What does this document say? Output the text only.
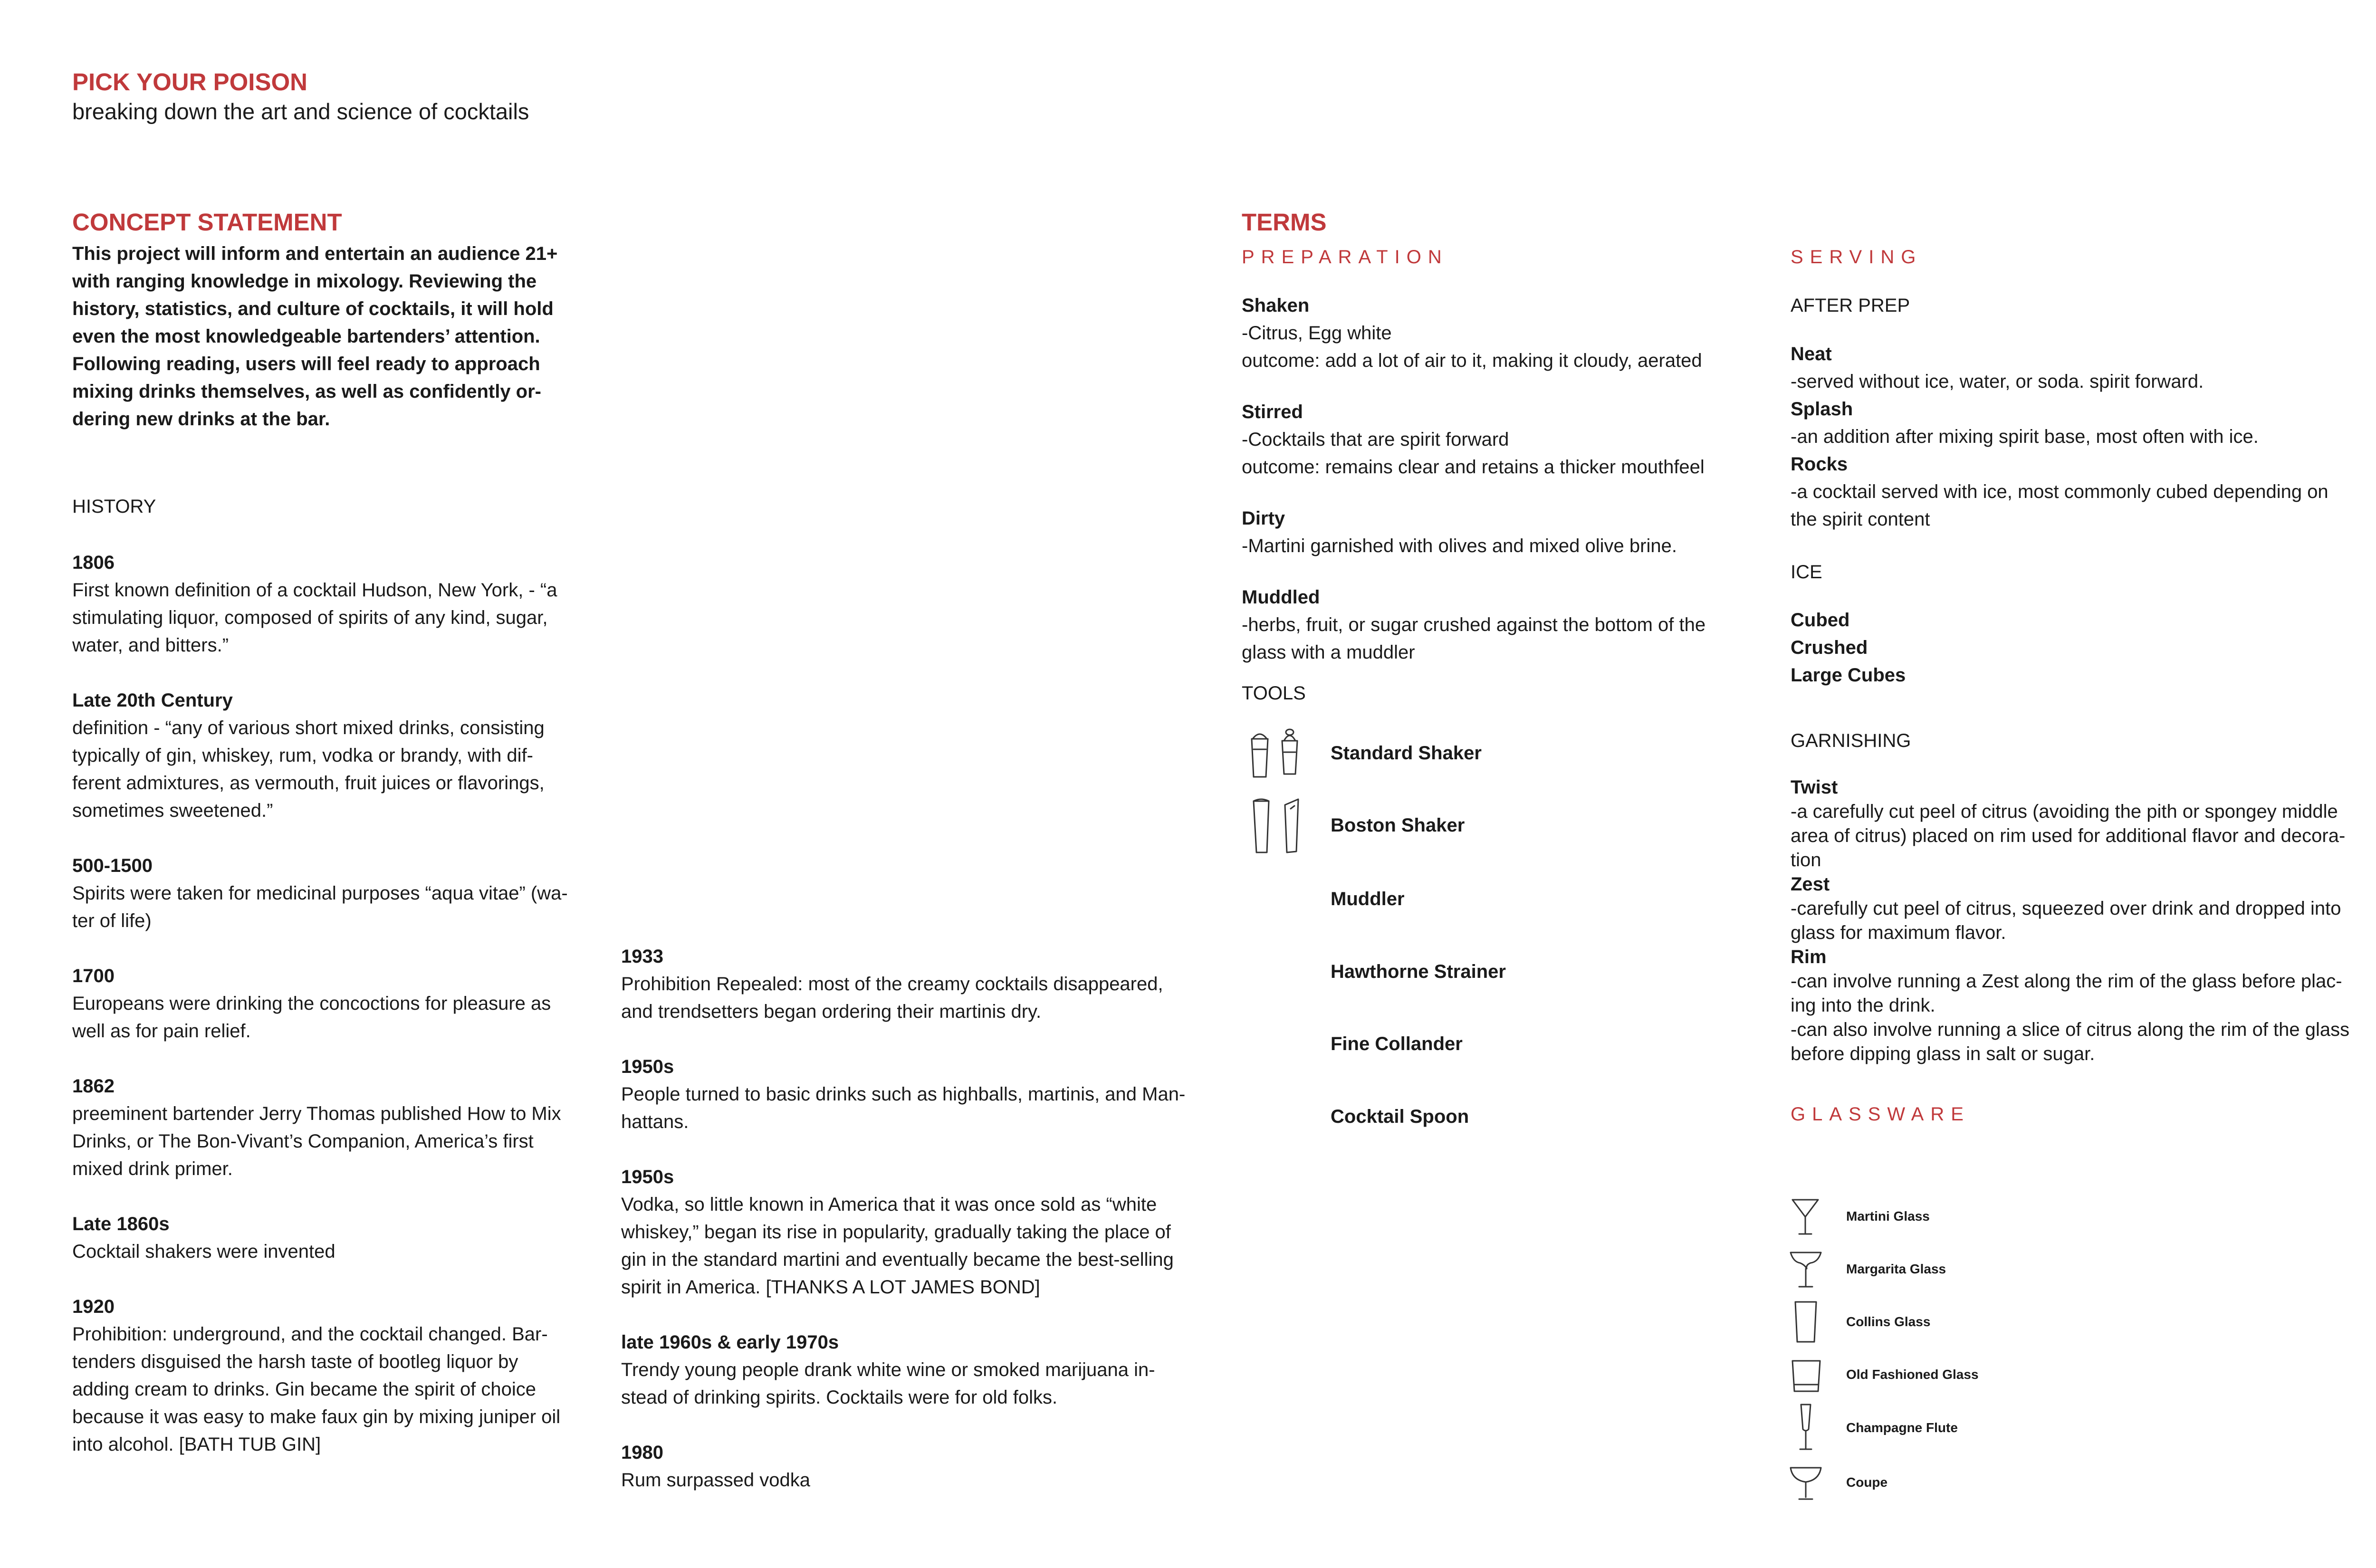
PICK YOUR POISON
breaking down the art and science of cocktails
CONCEPT STATEMENT
This project will inform and entertain an audience 21+
with ranging knowledge in mixology. Reviewing the
history, statistics, and culture of cocktails, it will hold
even the most knowledgeable bartenders’ attention.
Following reading, users will feel ready to approach
mixing drinks themselves, as well as confidently or-
dering new drinks at the bar.
HISTORY
1806
First known definition of a cocktail Hudson, New York, - “a
stimulating liquor, composed of spirits of any kind, sugar,
water, and bitters.”
Late 20th Century
definition - “any of various short mixed drinks, consisting
typically of gin, whiskey, rum, vodka or brandy, with dif-
ferent admixtures, as vermouth, fruit juices or flavorings,
sometimes sweetened.”
500-1500
Spirits were taken for medicinal purposes “aqua vitae” (wa-
ter of life)
1700
Europeans were drinking the concoctions for pleasure as
well as for pain relief.
1862
preeminent bartender Jerry Thomas published How to Mix
Drinks, or The Bon-Vivant’s Companion, America’s first
mixed drink primer.
Late 1860s
Cocktail shakers were invented
1920
Prohibition: underground, and the cocktail changed. Bar-
tenders disguised the harsh taste of bootleg liquor by
adding cream to drinks. Gin became the spirit of choice
because it was easy to make faux gin by mixing juniper oil
into alcohol. [BATH TUB GIN]
1933
Prohibition Repealed: most of the creamy cocktails disappeared,
and trendsetters began ordering their martinis dry.
1950s
People turned to basic drinks such as highballs, martinis, and Man-
hattans.
1950s
Vodka, so little known in America that it was once sold as “white
whiskey,” began its rise in popularity, gradually taking the place of
gin in the standard martini and eventually became the best-selling
spirit in America. [THANKS A LOT JAMES BOND]
late 1960s & early 1970s
Trendy young people drank white wine or smoked marijuana in-
stead of drinking spirits. Cocktails were for old folks.
1980
Rum surpassed vodka
TERMS
PREPARATION
Shaken
-Citrus, Egg white
outcome: add a lot of air to it, making it cloudy, aerated
Stirred
-Cocktails that are spirit forward
outcome: remains clear and retains a thicker mouthfeel
Dirty
-Martini garnished with olives and mixed olive brine.
Muddled
-herbs, fruit, or sugar crushed against the bottom of the
glass with a muddler
TOOLS
Standard Shaker
Boston Shaker
Muddler
Hawthorne Strainer
Fine Collander
Cocktail Spoon
SERVING
AFTER PREP
Neat
-served without ice, water, or soda. spirit forward.
Splash
-an addition after mixing spirit base, most often with ice.
Rocks
-a cocktail served with ice, most commonly cubed depending on
the spirit content
ICE
Cubed
Crushed
Large Cubes
GARNISHING
Twist
-a carefully cut peel of citrus (avoiding the pith or spongey middle
area of citrus) placed on rim used for additional flavor and decora-
tion
Zest
-carefully cut peel of citrus, squeezed over drink and dropped into
glass for maximum flavor.
Rim
-can involve running a Zest along the rim of the glass before plac-
ing into the drink.
-can also involve running a slice of citrus along the rim of the glass
before dipping glass in salt or sugar.
GLASSWARE
Martini Glass
Margarita Glass
Collins Glass
Old Fashioned Glass
Champagne Flute
Coupe
